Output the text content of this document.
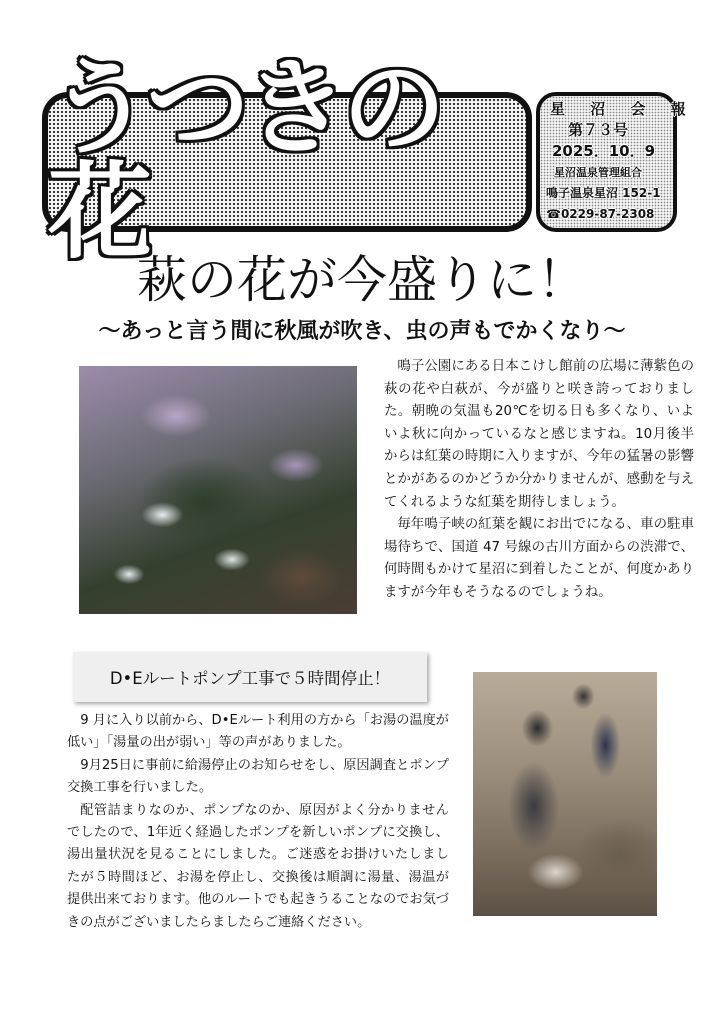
うつきの花
星 沼 会 報
第７３号
2025．10．9
星沼温泉管理組合
鳴子温泉星沼 152-1
☎0229-87-2308
萩の花が今盛りに！
～あっと言う間に秋風が吹き、虫の声もでかくなり～

鳴子公園にある日本こけし館前の広場に薄紫色の萩の花や白萩が、今が盛りと咲き誇っておりました。朝晩の気温も20℃を切る日も多くなり、いよいよ秋に向かっているなと感じますね。10月後半からは紅葉の時期に入りますが、今年の猛暑の影響とかがあるのかどうか分かりませんが、感動を与えてくれるような紅葉を期待しましょう。

毎年鳴子峡の紅葉を観にお出でになる、車の駐車場待ちで、国道 47 号線の古川方面からの渋滞で、何時間もかけて星沼に到着したことが、何度かありますが今年もそうなるのでしょうね。

D•Eルートポンプ工事で５時間停止！

9 月に入り以前から、D•Eルート利用の方から「お湯の温度が低い」「湯量の出が弱い」等の声がありました。

9月25日に事前に給湯停止のお知らせをし、原因調査とポンプ交換工事を行いました。

配管詰まりなのか、ポンプなのか、原因がよく分かりませんでしたので、1年近く経過したポンプを新しいポンプに交換し、湯出量状況を見ることにしました。ご迷惑をお掛けいたしましたが５時間ほど、お湯を停止し、交換後は順調に湯量、湯温が提供出来ております。他のルートでも起きうることなのでお気づきの点がございましたらましたらご連絡ください。
